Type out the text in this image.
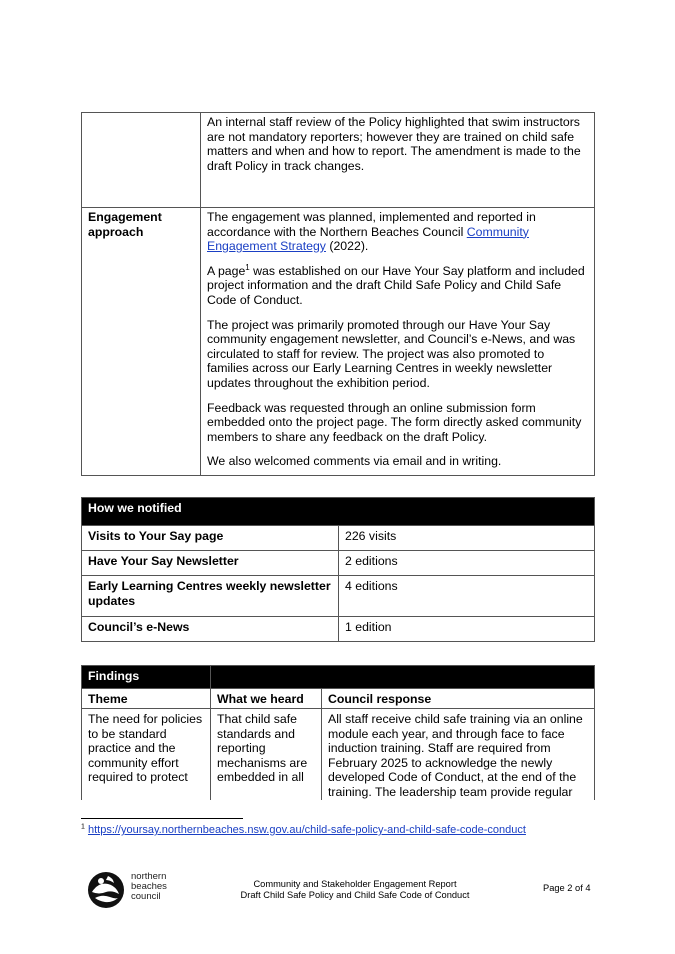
	An internal staff review of the Policy highlighted that swim instructors are not mandatory reporters; however they are trained on child safe matters and when and how to report. The amendment is made to the draft Policy in track changes.

Engagement approach	The engagement was planned, implemented and reported in accordance with the Northern Beaches Council Community Engagement Strategy (2022).

A page$^1$ was established on our Have Your Say platform and included project information and the draft Child Safe Policy and Child Safe Code of Conduct.

The project was primarily promoted through our Have Your Say community engagement newsletter, and Council’s e-News, and was circulated to staff for review. The project was also promoted to families across our Early Learning Centres in weekly newsletter updates throughout the exhibition period.

Feedback was requested through an online submission form embedded onto the project page. The form directly asked community members to share any feedback on the draft Policy.

We also welcomed comments via email and in writing.

How we notified	
Visits to Your Say page	226 visits
Have Your Say Newsletter	2 editions
Early Learning Centres weekly newsletter updates	4 editions
Council’s e-News	1 edition
Findings		
Theme	What we heard	Council response
The need for policies to be standard practice and the community effort required to protect	That child safe standards and reporting mechanisms are embedded in all	All staff receive child safe training via an online module each year, and through face to face induction training. Staff are required from February 2025 to acknowledge the newly developed Code of Conduct, at the end of the training. The leadership team provide regular
$^1$ https://yoursay.northernbeaches.nsw.gov.au/child-safe-policy-and-child-safe-code-conduct
northern
beaches
council
Community and Stakeholder Engagement Report
Draft Child Safe Policy and Child Safe Code of Conduct
Page 2 of 4
